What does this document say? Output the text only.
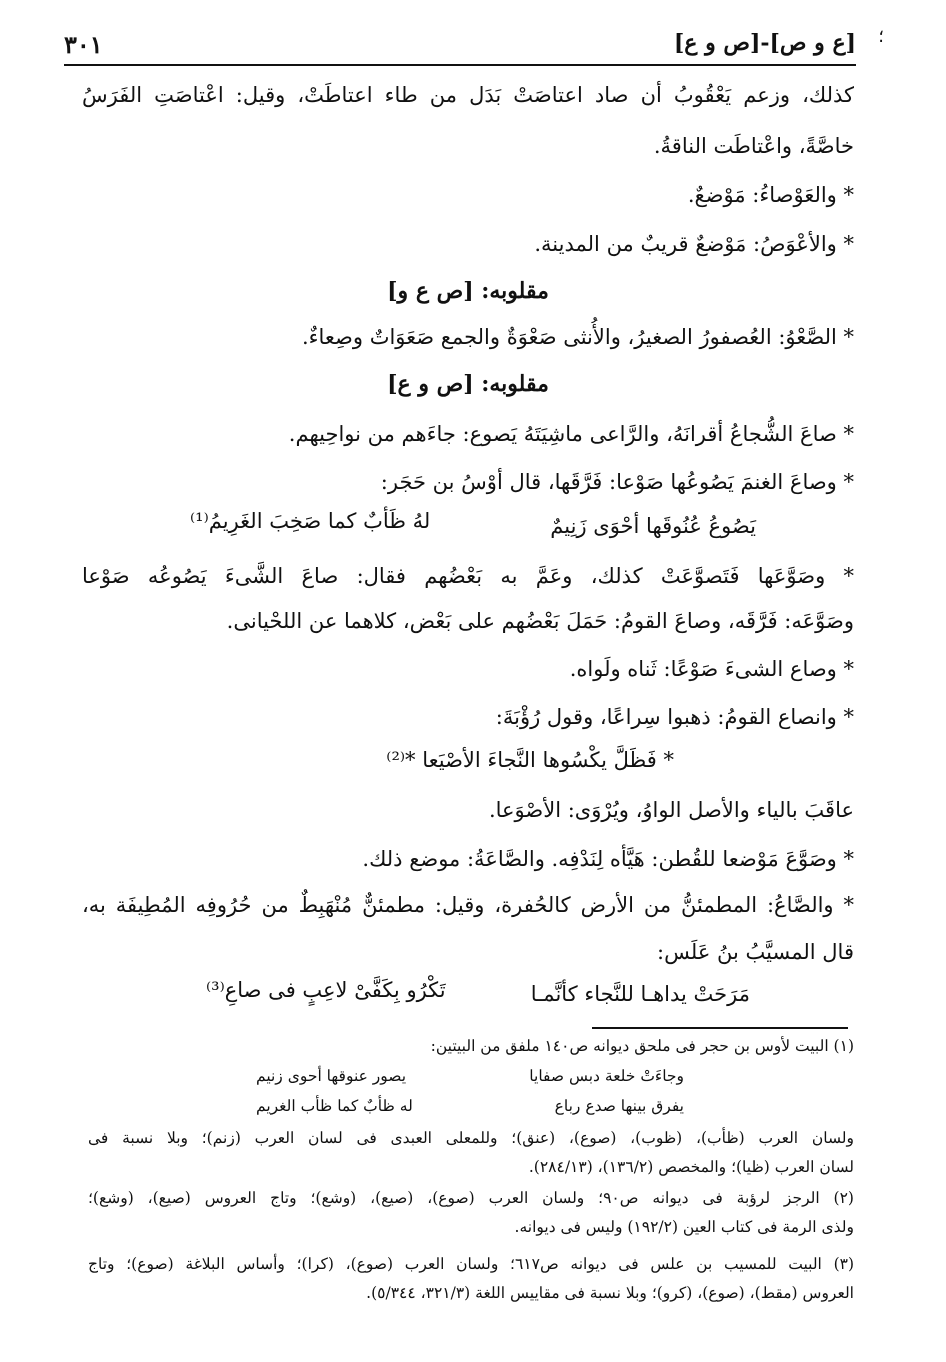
؛
[ع و ص]-[ص و ع]
٣٠١
كذلك، وزعم يَعْقُوبُ أن صاد اعتاصَتْ بَدَل من طاء اعتاطَتْ، وقيل: اعْتاصَتِ الفَرَسُ
خاصَّةً، واعْتاطَت الناقةُ.
* والعَوْصاءُ: مَوْضعٌ.
* والأعْوَصُ: مَوْضعٌ قريبٌ من المدينة.
مقلوبه: [ص ع و]
* الصَّعْوُ: العُصفورُ الصغيرُ، والأُنثى صَعْوَةٌ والجمع صَعَوَاتٌ وصِعاءٌ.
مقلوبه: [ص و ع]
* صاعَ الشُّجاعُ أقرانَهُ، والرَّاعى ماشِيَتَهُ يَصوع: جاءَهم من نواحِيهم.
* وصاعَ الغنمَ يَصُوعُها صَوْعا: فَرَّقَها، قال أوْسُ بن حَجَر:
يَصُوعُ عُنُوقَها أحْوَى زَنِيمٌ
لهُ ظَأبٌ كما صَخِبَ الغَرِيمُ⁽¹⁾
* وصَوَّعَها فَتَصوَّعَتْ كذلك، وعَمَّ به بَعْضُهم فقال: صاعَ الشَّىءَ يَصُوعُه صَوْعا
وصَوَّعَه: فَرَّقَه، وصاعَ القومُ: حَمَلَ بَعْضُهم على بَعْض، كلاهما عن اللحْيانى.
* وصاع الشىءَ صَوْعًا: ثَناه ولَواه.
* وانصاع القومُ: ذهبوا سِراعًا، وقول رُؤْبَةَ:
* فَظَلَّ يكْسُوها النَّجاءَ الأصْيَعا *⁽²⁾
عاقَبَ بالياء والأصل الواوُ، ويُرْوَى: الأصْوَعا.
* وصَوَّعَ مَوْضعا للقُطن: هَيَّأه لِنَدْفِه. والصَّاعَةُ: موضع ذلك.
* والصَّاعُ: المطمئنُّ من الأرض كالحُفرة، وقيل: مطمئنٌّ مُنْهَبِطٌ من حُرُوفِه المُطِيفَة به،
قال المسيَّبُ بنُ عَلَس:
مَرَحَتْ يداهـا للنَّجاء كأنَّمـا
تَكْرُو بِكَفَّىْ لاعِبٍ فى صاعِ⁽³⁾
(١) البيت لأوس بن حجر فى ملحق ديوانه ص١٤٠ ملفق من البيتين:
وجاءَتْ خلعة دبس صفايا
يصور عنوقها أحوى زنيم
يفرق بينها صدع رباع
له ظأبٌ كما ظأب الغريم
ولسان العرب (ظأب)، (ظوب)، (صوع)، (عنق)؛ وللمعلى العبدى فى لسان العرب (زنم)؛ وبلا نسبة فى
لسان العرب (ظيا)؛ والمخصص (١٣٦/٢)، (٢٨٤/١٣).
(٢) الرجز لرؤبة فى ديوانه ص٩٠؛ ولسان العرب (صوع)، (صيع)، (وشع)؛ وتاج العروس (صيع)، (وشع)؛
ولذى الرمة فى كتاب العين (١٩٢/٢) وليس فى ديوانه.
(٣) البيت للمسيب بن علس فى ديوانه ص٦١٧؛ ولسان العرب (صوع)، (كرا)؛ وأساس البلاغة (صوع)؛ وتاج
العروس (مقط)، (صوع)، (كرو)؛ وبلا نسبة فى مقاييس اللغة (٣٢١/٣، ٥/٣٤٤).
